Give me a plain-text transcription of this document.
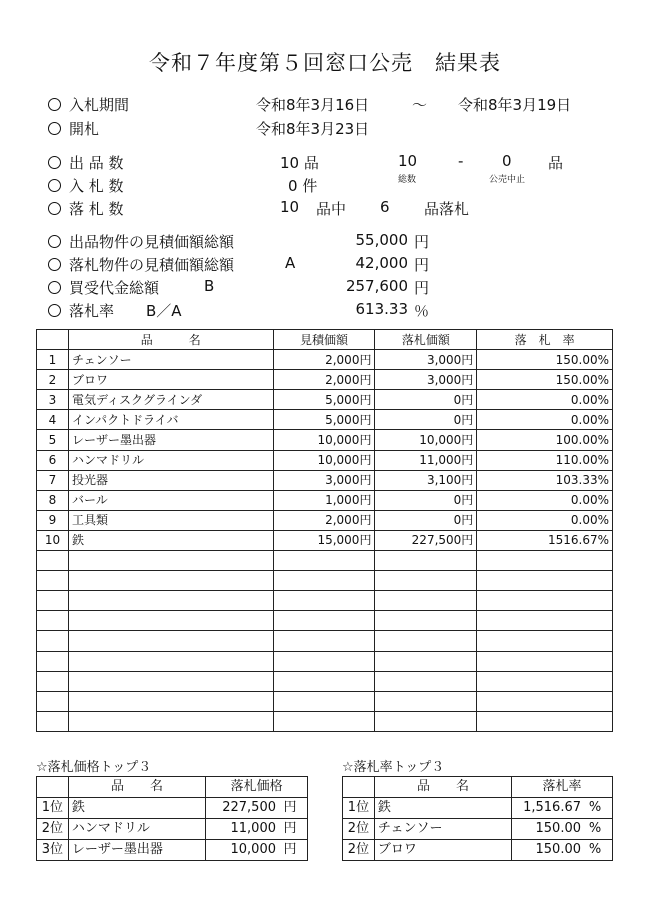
令和７年度第５回窓口公売　結果表
入札期間	令和8年3月16日	～ 令和8年3月19日
開札	令和8年3月23日
出 品 数	10 品	10	-	0 品
総数	公売中止
入 札 数	0 件
落 札 数	10 品中 6 品落札
出品物件の見積価額総額	55,000 円
落札物件の見積価額総額	A	42,000 円
買受代金総額	B	257,600 円
落札率 B／A	613.33 ％
	品　　　名	見積価額	落札価額	落　札　率
1	チェンソー	2,000円	3,000円	150.00%
2	ブロワ	2,000円	3,000円	150.00%
3	電気ディスクグラインダ	5,000円	0円	0.00%
4	インパクトドライバ	5,000円	0円	0.00%
5	レーザー墨出器	10,000円	10,000円	100.00%
6	ハンマドリル	10,000円	11,000円	110.00%
7	投光器	3,000円	3,100円	103.33%
8	バール	1,000円	0円	0.00%
9	工具類	2,000円	0円	0.00%
10	鉄	15,000円	227,500円	1516.67%

☆落札価格トップ３
	品　　名	落札価格
1位	鉄	227,500 円
2位	ハンマドリル	11,000 円
3位	レーザー墨出器	10,000 円
☆落札率トップ３
	品　　名	落札率
1位	鉄	1,516.67 %
2位	チェンソー	150.00 %
2位	ブロワ	150.00 %
